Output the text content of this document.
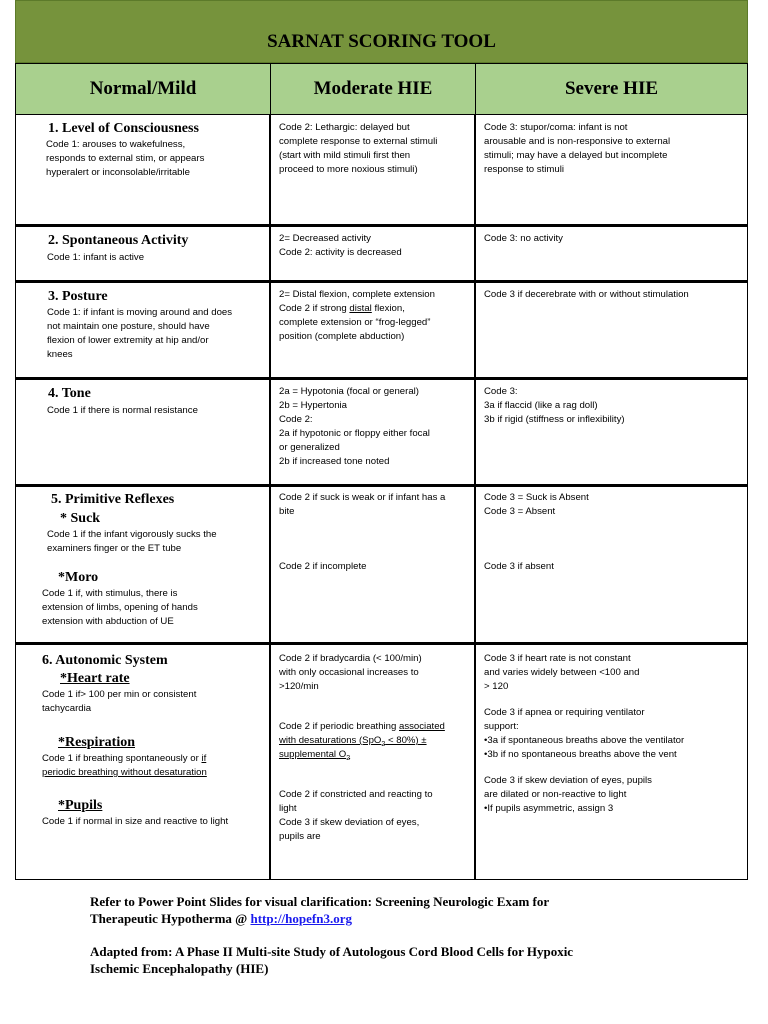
SARNAT SCORING TOOL
Normal/Mild	Moderate HIE	Severe HIE
1. Level of Consciousness
Code 1: arouses to wakefulness,
responds to external stim, or appears
hyperalert or inconsolable/irritable
Code 2: Lethargic: delayed but
complete response to external stimuli
(start with mild stimuli first then
proceed to more noxious stimuli)
Code 3: stupor/coma: infant is not
arousable and is non-responsive to external
stimuli; may have a delayed but incomplete
response to stimuli
2. Spontaneous Activity
Code 1: infant is active
2= Decreased activity
Code 2: activity is decreased
Code 3: no activity
3. Posture
Code 1: if infant is moving around and does
not maintain one posture, should have
flexion of lower extremity at hip and/or
knees
2= Distal flexion, complete extension
Code 2 if strong distal flexion,
complete extension or “frog-legged”
position (complete abduction)
Code 3 if decerebrate with or without stimulation
4. Tone
Code 1 if there is normal resistance
2a = Hypotonia (focal or general)
2b = Hypertonia
Code 2:
2a if hypotonic or floppy either focal
or generalized
2b if increased tone noted
Code 3:
3a if flaccid (like a rag doll)
3b if rigid (stiffness or inflexibility)
5. Primitive Reflexes
* Suck
Code 1 if the infant vigorously sucks the
examiners finger or the ET tube
*Moro
Code 1 if, with stimulus, there is
extension of limbs, opening of hands
extension with abduction of UE
Code 2 if suck is weak or if infant has a
bite
Code 2 if incomplete
Code 3 = Suck is Absent
Code 3 = Absent
Code 3 if absent
6. Autonomic System
*Heart rate
Code 1 if> 100 per min or consistent
tachycardia
*Respiration
Code 1 if breathing spontaneously or if
periodic breathing without desaturation
*Pupils
Code 1 if normal in size and reactive to light
Code 2 if bradycardia (< 100/min)
with only occasional increases to
>120/min
Code 2 if periodic breathing associated
with desaturations (SpO$_2$ < 80%) ±
supplemental $O_2$
Code 2 if constricted and reacting to
light
Code 3 if skew deviation of eyes,
pupils are
Code 3 if heart rate is not constant
and varies widely between <100 and
> 120
Code 3 if apnea or requiring ventilator
support:
•3a if spontaneous breaths above the ventilator
•3b if no spontaneous breaths above the vent
Code 3 if skew deviation of eyes, pupils
are dilated or non-reactive to light
•If pupils asymmetric, assign 3
Refer to Power Point Slides for visual clarification: Screening Neurologic Exam for
Therapeutic Hypotherma @ http://hopefn3.org
Adapted from: A Phase II Multi-site Study of Autologous Cord Blood Cells for Hypoxic
Ischemic Encephalopathy (HIE)
